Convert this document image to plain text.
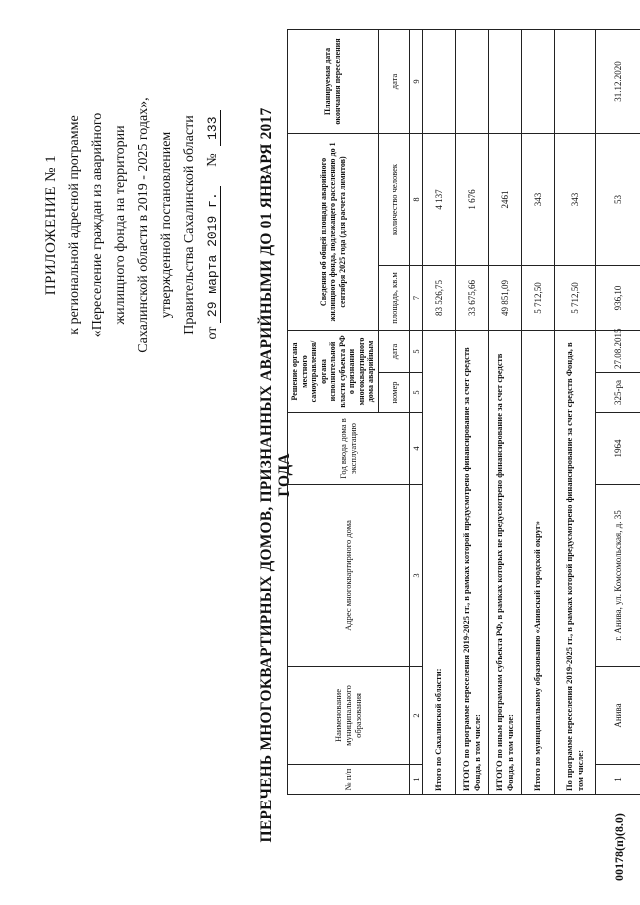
ПРИЛОЖЕНИЕ № 1 к региональной адресной программе «Переселение граждан из аварийного жилищного фонда на территории Сахалинской области в 2019 - 2025 годах», утвержденной постановлением Правительства Сахалинской области от 29 марта 2019 г. № 133 ПЕРЕЧЕНЬ МНОГОКВАРТИРНЫХ ДОМОВ, ПРИЗНАННЫХ АВАРИЙНЫМИ ДО 01 ЯНВАРЯ 2017 ГОДА
№ п/п	Наименование муниципального образования	Адрес многоквартирного дома	Год ввода дома в эксплуатацию	Решение органа местного самоуправления/органа исполнительной власти субъекта РФ о признании многоквартирного дома аварийным		Сведения об общей площади аварийного жилищного фонда, подлежащего расселению до 1 сентября 2025 года (для расчета лимитов)		Планируемая дата окончания переселения
				номер	дата	площадь, кв.м	количество человек	дата
1	2	3	4	5	5	7	8	9
Итого по Сахалинской области:						83 526,75	4 137	
ИТОГО по программе переселения 2019-2025 гг., в рамках которой предусмотрено финансирование за счет средств Фонда, в том числе:						33 675,66	1 676	
ИТОГО по иным программам субъекта РФ, в рамках которых не предусмотрено финансирование за счет средств Фонда, в том числе:						49 851,09	2461	
Итого по муниципальному образованию «Анивский городской округ»						5 712,50	343	
По программе переселения 2019-2025 гг., в рамках которой предусмотрено финансирование за счет средств Фонда, в том числе:						5 712,50	343	
1	Анива	г. Анива, ул. Комсомольская, д. 35	1964	325-ра	27.08.2015	936,10	53	31.12.2020
00178(п)(8.0)
